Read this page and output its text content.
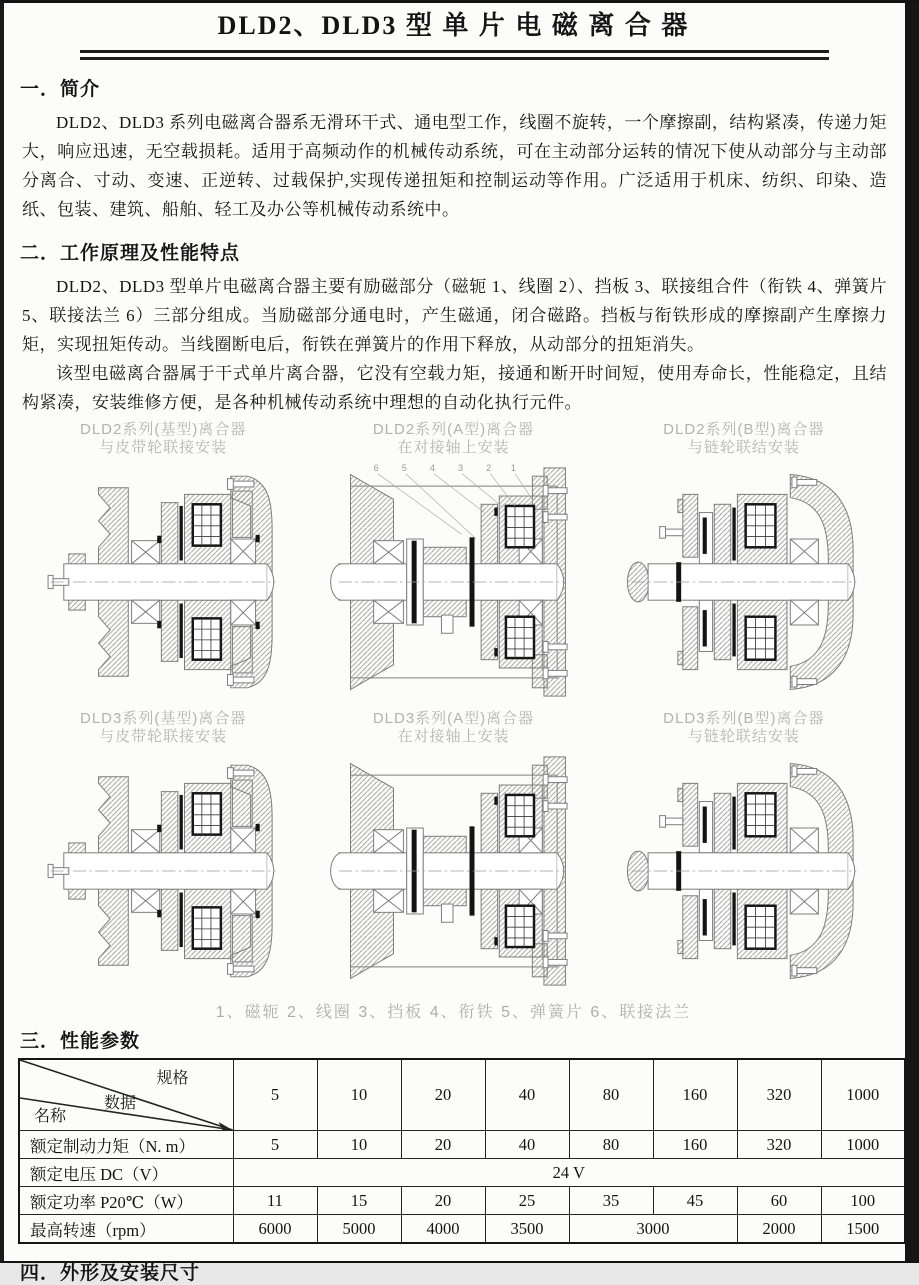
DLD2、DLD3 型 单 片 电 磁 离 合 器
一．简介

DLD2、DLD3 系列电磁离合器系无滑环干式、通电型工作，线圈不旋转，一个摩擦副，结构紧凑，传递力矩大，响应迅速，无空载损耗。适用于高频动作的机械传动系统，可在主动部分运转的情况下使从动部分与主动部分离合、寸动、变速、正逆转、过载保护,实现传递扭矩和控制运动等作用。广泛适用于机床、纺织、印染、造纸、包装、建筑、船舶、轻工及办公等机械传动系统中。

二．工作原理及性能特点

DLD2、DLD3 型单片电磁离合器主要有励磁部分（磁轭 1、线圈 2）、挡板 3、联接组合件（衔铁 4、弹簧片 5、联接法兰 6）三部分组成。当励磁部分通电时，产生磁通，闭合磁路。挡板与衔铁形成的摩擦副产生摩擦力矩，实现扭矩传动。当线圈断电后，衔铁在弹簧片的作用下释放，从动部分的扭矩消失。

该型电磁离合器属于干式单片离合器，它没有空载力矩，接通和断开时间短，使用寿命长，性能稳定，且结构紧凑，安装维修方便，是各种机械传动系统中理想的自动化执行元件。

DLD2系列(基型)离合器
与皮带轮联接安装
DLD2系列(A型)离合器
在对接轴上安装
6 5 4 3 2 1
DLD2系列(B型)离合器
与链轮联结安装
DLD3系列(基型)离合器
与皮带轮联接安装
DLD3系列(A型)离合器
在对接轴上安装
DLD3系列(B型)离合器
与链轮联结安装
1、磁轭 2、线圈 3、挡板 4、衔铁 5、弹簧片 6、联接法兰
三．性能参数
规格
数据
名称	5	10	20	40	80	160	320	1000
额定制动力矩（N. m）	5	10	20	40	80	160	320	1000
额定电压 DC（V）	24 V							
额定功率 P20℃（W）	11	15	20	25	35	45	60	100
最高转速（rpm）	6000	5000	4000	3500	3000		2000	1500
四．外形及安装尺寸
